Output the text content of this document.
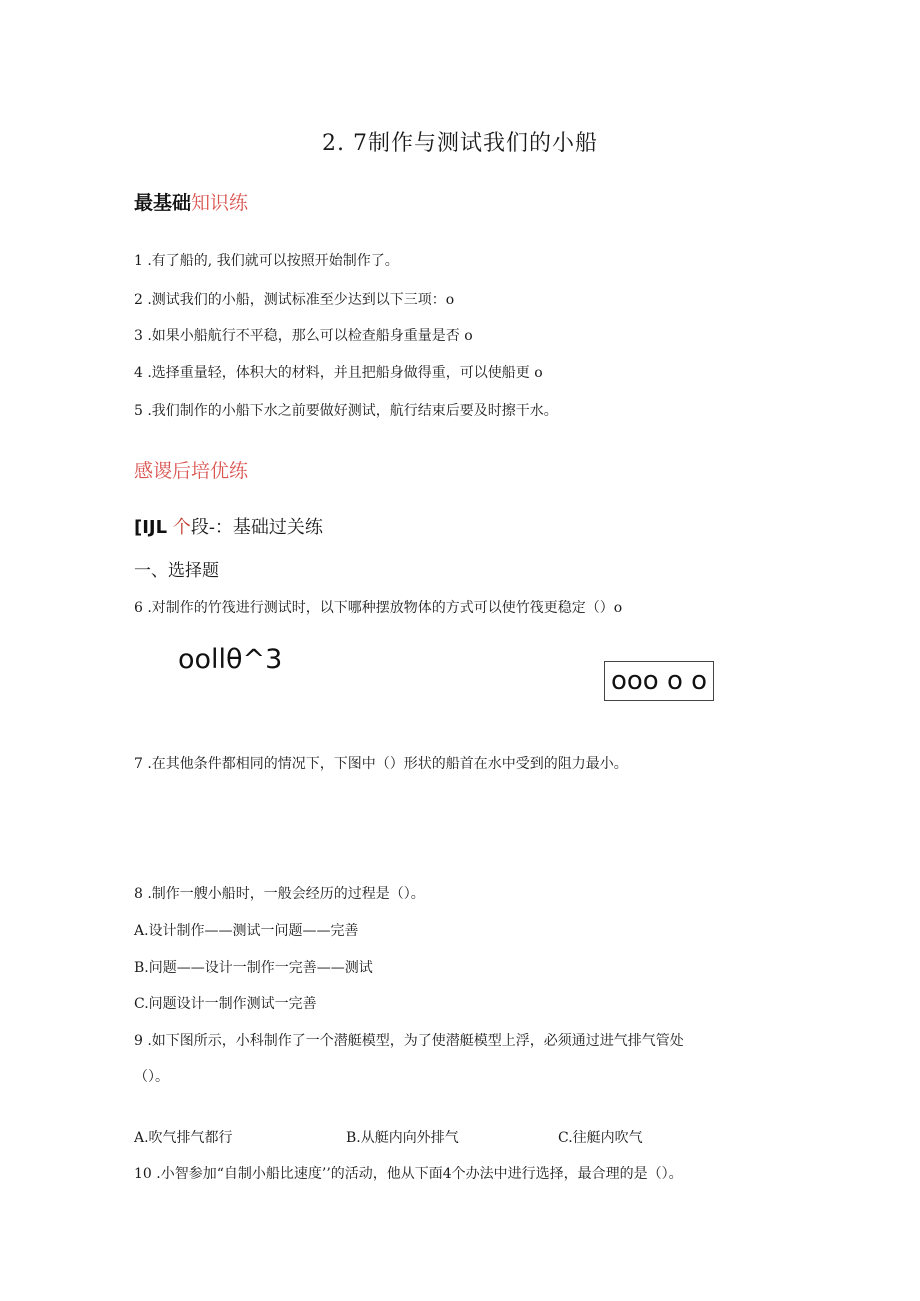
2. 7制作与测试我们的小船
最基础知识练
1 .有了船的, 我们就可以按照开始制作了。
2 .测试我们的小船，测试标准至少达到以下三项：o
3 .如果小船航行不平稳，那么可以检查船身重量是否 o
4 .选择重量轻，体积大的材料，并且把船身做得重，可以使船更 o
5 .我们制作的小船下水之前要做好测试，航行结束后要及时擦干水。
感谡后培优练
[IJL 个段-：基础过关练
一、选择题
6 .对制作的竹筏进行测试时，以下哪种摆放物体的方式可以使竹筏更稳定（）o
oollθ^3
ooo o o
7 .在其他条件都相同的情况下，下图中（）形状的船首在水中受到的阻力最小。
8 .制作一艘小船时，一般会经历的过程是（）。
A.设计制作——测试一问题——完善
B.问题——设计一制作一完善——测试
C.问题设计一制作测试一完善
9 .如下图所示，小科制作了一个潜艇模型，为了使潜艇模型上浮，必须通过进气排气管处
（）。
A.吹气排气都行	B.从艇内向外排气	C.往艇内吹气
10 .小智参加“自制小船比速度’’的活动，他从下面4个办法中进行选择，最合理的是（）。
